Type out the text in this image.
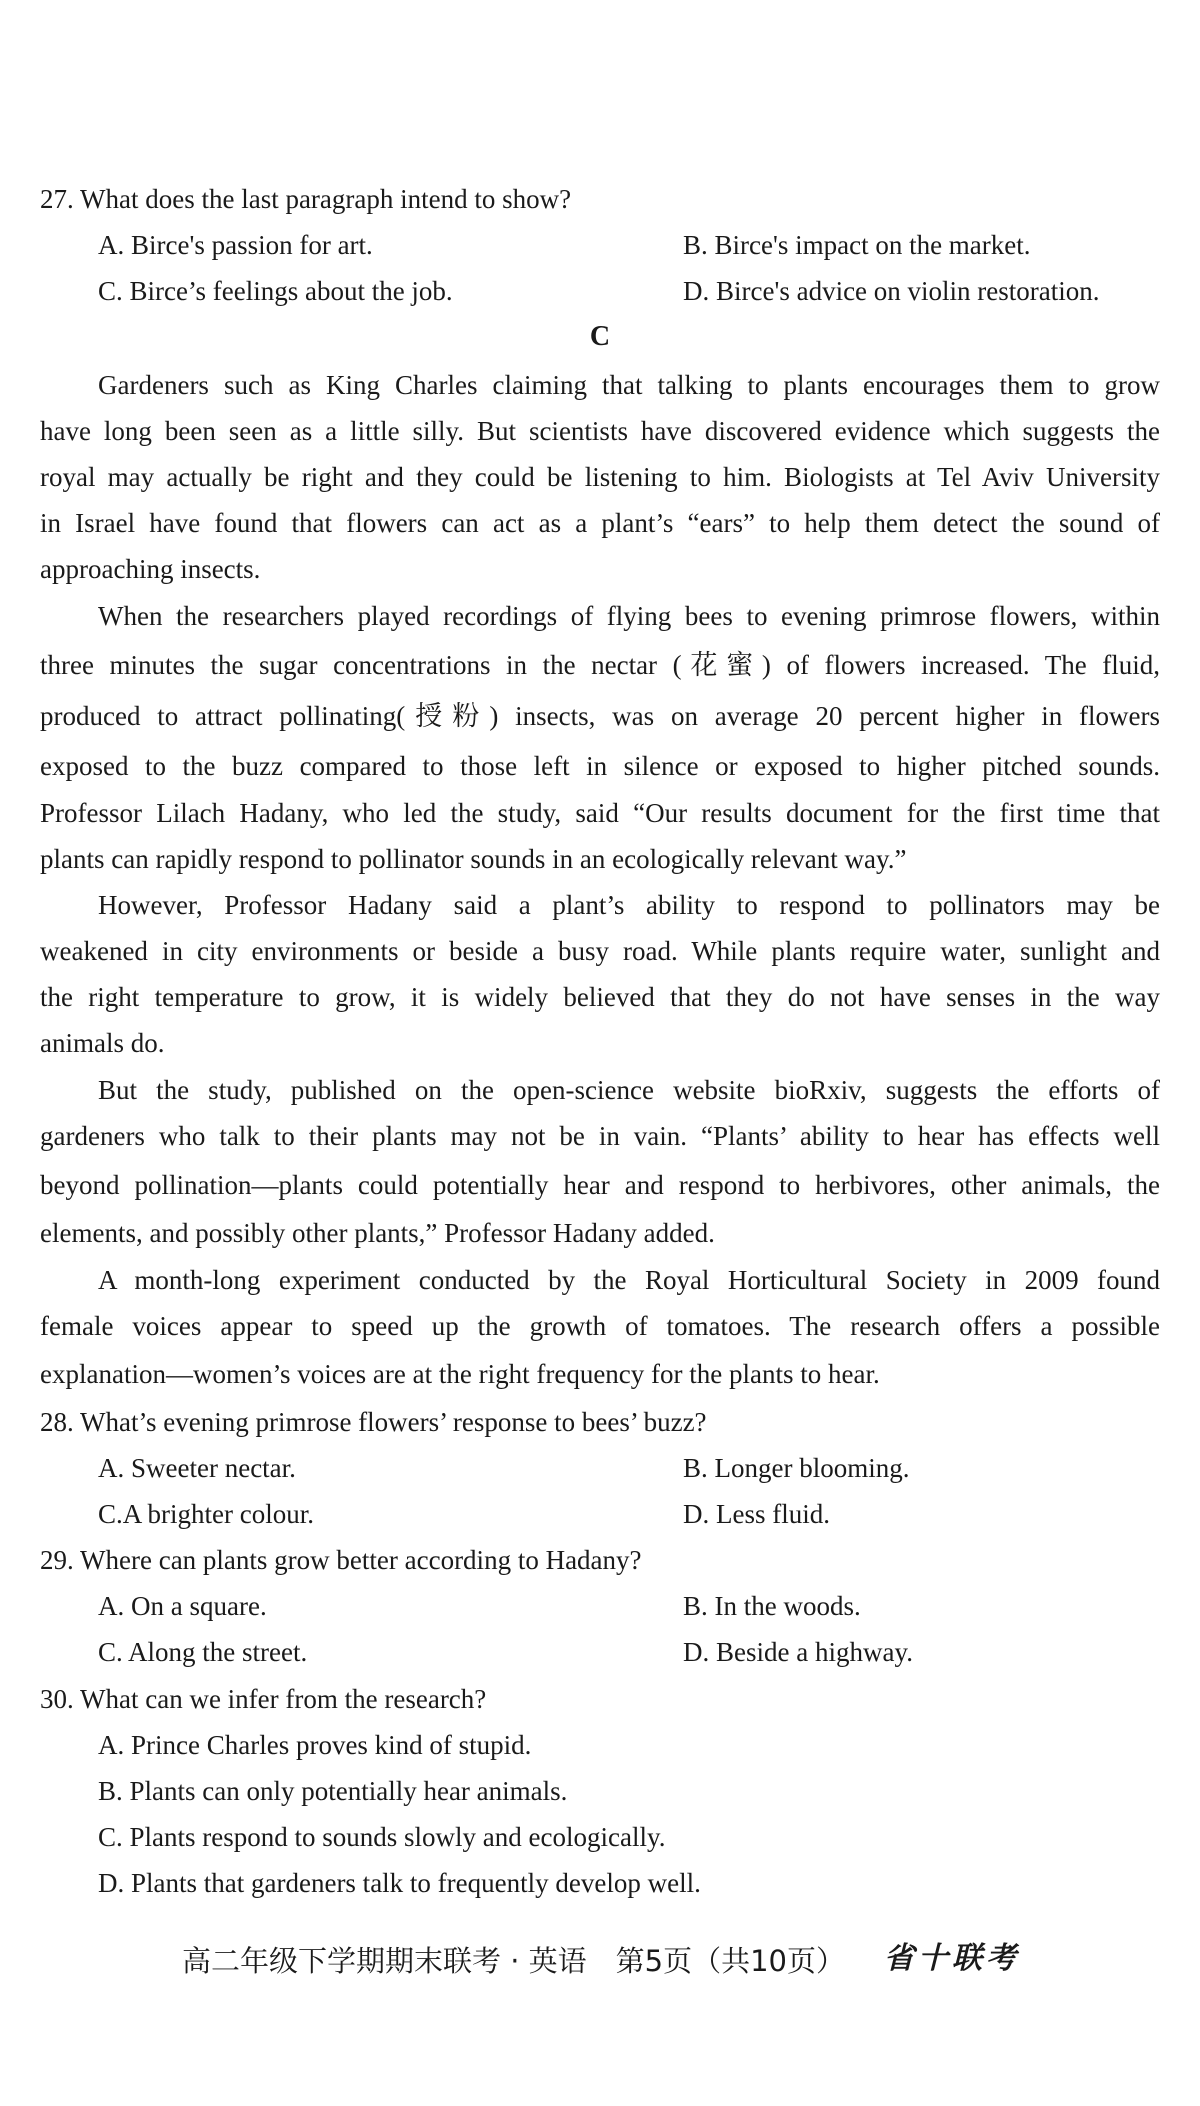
27. What does the last paragraph intend to show?
A. Birce's passion for art.	B. Birce's impact on the market.
C. Birce’s feelings about the job.	D. Birce's advice on violin restoration.
C
Gardeners such as King Charles claiming that talking to plants encourages them to grow
have long been seen as a little silly. But scientists have discovered evidence which suggests the
royal may actually be right and they could be listening to him. Biologists at Tel Aviv University
in Israel have found that flowers can act as a plant’s “ears” to help them detect the sound of
approaching insects.
When the researchers played recordings of flying bees to evening primrose flowers, within
three minutes the sugar concentrations in the nectar (花蜜) of flowers increased. The fluid,
produced to attract pollinating(授粉) insects, was on average 20 percent higher in flowers
exposed to the buzz compared to those left in silence or exposed to higher pitched sounds.
Professor Lilach Hadany, who led the study, said “Our results document for the first time that
plants can rapidly respond to pollinator sounds in an ecologically relevant way.”
However, Professor Hadany said a plant’s ability to respond to pollinators may be
weakened in city environments or beside a busy road. While plants require water, sunlight and
the right temperature to grow, it is widely believed that they do not have senses in the way
animals do.
But the study, published on the open-science website bioRxiv, suggests the efforts of
gardeners who talk to their plants may not be in vain. “Plants’ ability to hear has effects well
beyond pollination—plants could potentially hear and respond to herbivores, other animals, the
elements, and possibly other plants,” Professor Hadany added.
A month-long experiment conducted by the Royal Horticultural Society in 2009 found
female voices appear to speed up the growth of tomatoes. The research offers a possible
explanation—women’s voices are at the right frequency for the plants to hear.
28. What’s evening primrose flowers’ response to bees’ buzz?
A. Sweeter nectar.	B. Longer blooming.
C.A brighter colour.	D. Less fluid.
29. Where can plants grow better according to Hadany?
A. On a square.	B. In the woods.
C. Along the street.	D. Beside a highway.
30. What can we infer from the research?
A. Prince Charles proves kind of stupid.
B. Plants can only potentially hear animals.
C. Plants respond to sounds slowly and ecologically.
D. Plants that gardeners talk to frequently develop well.
高二年级下学期期末联考 · 英语　第5页（共10页） 省十联考
